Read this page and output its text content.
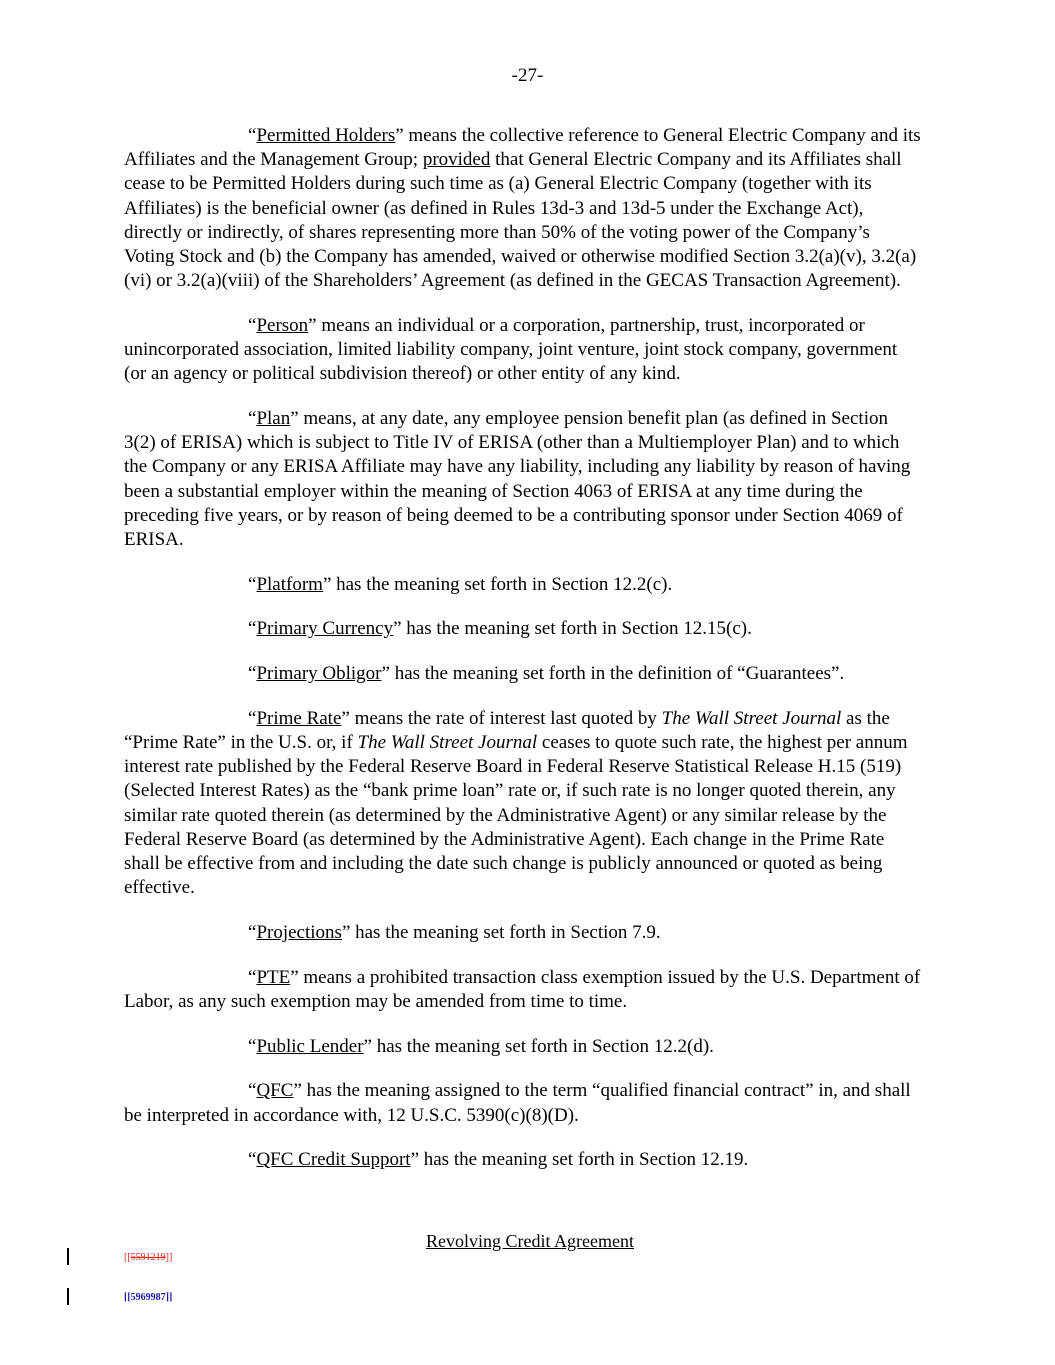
-27-

“Permitted Holders” means the collective reference to General Electric Company and its Affiliates and the Management Group; provided that General Electric Company and its Affiliates shall cease to be Permitted Holders during such time as (a) General Electric Company (together with its Affiliates) is the beneficial owner (as defined in Rules 13d-3 and 13d-5 under the Exchange Act), directly or indirectly, of shares representing more than 50% of the voting power of the Company’s Voting Stock and (b) the Company has amended, waived or otherwise modified Section 3.2(a)(v), 3.2(a)(vi) or 3.2(a)(viii) of the Shareholders’ Agreement (as defined in the GECAS Transaction Agreement).

“Person” means an individual or a corporation, partnership, trust, incorporated or unincorporated association, limited liability company, joint venture, joint stock company, government (or an agency or political subdivision thereof) or other entity of any kind.

“Plan” means, at any date, any employee pension benefit plan (as defined in Section 3(2) of ERISA) which is subject to Title IV of ERISA (other than a Multiemployer Plan) and to which the Company or any ERISA Affiliate may have any liability, including any liability by reason of having been a substantial employer within the meaning of Section 4063 of ERISA at any time during the preceding five years, or by reason of being deemed to be a contributing sponsor under Section 4069 of ERISA.

“Platform” has the meaning set forth in Section 12.2(c).

“Primary Currency” has the meaning set forth in Section 12.15(c).

“Primary Obligor” has the meaning set forth in the definition of “Guarantees”.

“Prime Rate” means the rate of interest last quoted by The Wall Street Journal as the “Prime Rate” in the U.S. or, if The Wall Street Journal ceases to quote such rate, the highest per annum interest rate published by the Federal Reserve Board in Federal Reserve Statistical Release H.15 (519) (Selected Interest Rates) as the “bank prime loan” rate or, if such rate is no longer quoted therein, any similar rate quoted therein (as determined by the Administrative Agent) or any similar release by the Federal Reserve Board (as determined by the Administrative Agent). Each change in the Prime Rate shall be effective from and including the date such change is publicly announced or quoted as being effective.

“Projections” has the meaning set forth in Section 7.9.

“PTE” means a prohibited transaction class exemption issued by the U.S. Department of Labor, as any such exemption may be amended from time to time.

“Public Lender” has the meaning set forth in Section 12.2(d).

“QFC” has the meaning assigned to the term “qualified financial contract” in, and shall be interpreted in accordance with, 12 U.S.C. 5390(c)(8)(D).

“QFC Credit Support” has the meaning set forth in Section 12.19.

Revolving Credit Agreement
[[5591219]]
[[5969987]]
